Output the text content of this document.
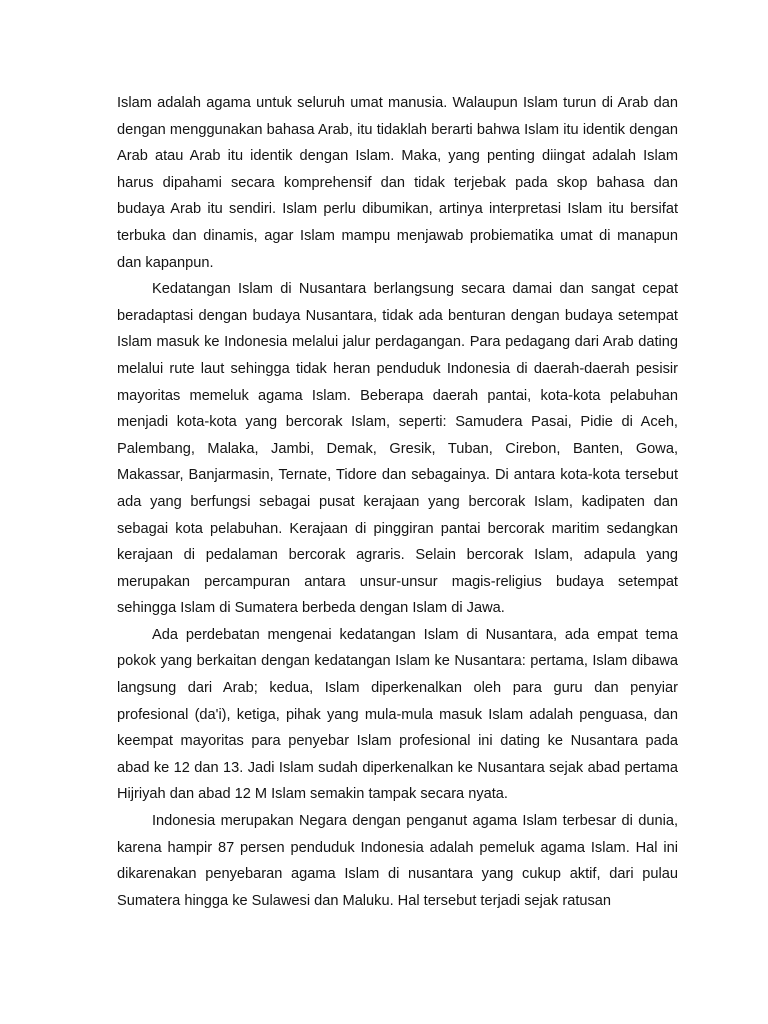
Islam adalah agama untuk seluruh umat manusia. Walaupun Islam turun di Arab dan dengan menggunakan bahasa Arab, itu tidaklah berarti bahwa Islam itu identik dengan Arab atau Arab itu identik dengan Islam. Maka, yang penting diingat adalah Islam harus dipahami secara komprehensif dan tidak terjebak pada skop bahasa dan budaya Arab itu sendiri. Islam perlu dibumikan, artinya interpretasi Islam itu bersifat terbuka dan dinamis, agar Islam mampu menjawab probiematika umat di manapun dan kapanpun.

Kedatangan Islam di Nusantara berlangsung secara damai dan sangat cepat beradaptasi dengan budaya Nusantara, tidak ada benturan dengan budaya setempat Islam masuk ke Indonesia melalui jalur perdagangan. Para pedagang dari Arab dating melalui rute laut sehingga tidak heran penduduk Indonesia di daerah-daerah pesisir mayoritas memeluk agama Islam. Beberapa daerah pantai, kota-kota pelabuhan menjadi kota-kota yang bercorak Islam, seperti: Samudera Pasai, Pidie di Aceh, Palembang, Malaka, Jambi, Demak, Gresik, Tuban, Cirebon, Banten, Gowa, Makassar, Banjarmasin, Ternate, Tidore dan sebagainya. Di antara kota-kota tersebut ada yang berfungsi sebagai pusat kerajaan yang bercorak Islam, kadipaten dan sebagai kota pelabuhan. Kerajaan di pinggiran pantai bercorak maritim sedangkan kerajaan di pedalaman bercorak agraris. Selain bercorak Islam, adapula yang merupakan percampuran antara unsur-unsur magis-religius budaya setempat sehingga Islam di Sumatera berbeda dengan Islam di Jawa.

Ada perdebatan mengenai kedatangan Islam di Nusantara, ada empat tema pokok yang berkaitan dengan kedatangan Islam ke Nusantara: pertama, Islam dibawa langsung dari Arab; kedua, Islam diperkenalkan oleh para guru dan penyiar profesional (da'i), ketiga, pihak yang mula-mula masuk Islam adalah penguasa, dan keempat mayoritas para penyebar Islam profesional ini dating ke Nusantara pada abad ke 12 dan 13. Jadi Islam sudah diperkenalkan ke Nusantara sejak abad pertama Hijriyah dan abad 12 M Islam semakin tampak secara nyata.

Indonesia merupakan Negara dengan penganut agama Islam terbesar di dunia, karena hampir 87 persen penduduk Indonesia adalah pemeluk agama Islam. Hal ini dikarenakan penyebaran agama Islam di nusantara yang cukup aktif, dari pulau Sumatera hingga ke Sulawesi dan Maluku. Hal tersebut terjadi sejak ratusan
